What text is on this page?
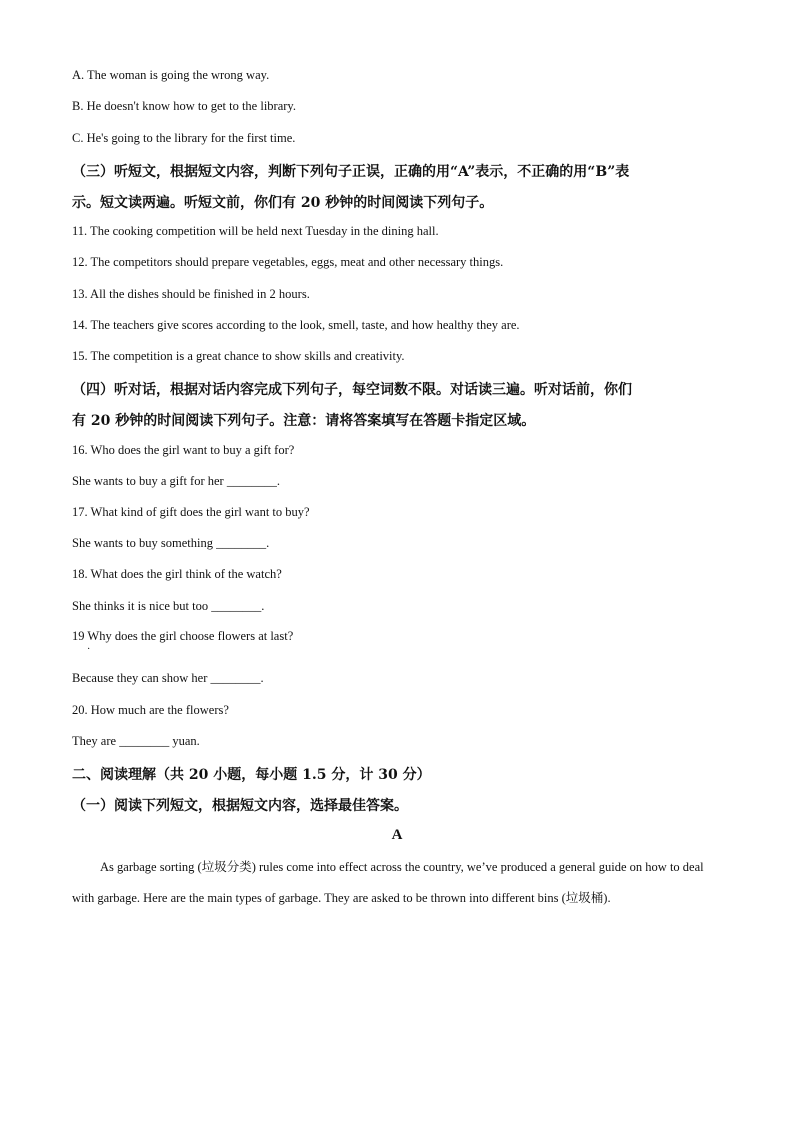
A. The woman is going the wrong way.
B. He doesn't know how to get to the library.
C. He's going to the library for the first time.
（三）听短文，根据短文内容，判断下列句子正误，正确的用“A”表示，不正确的用“B”表
示。短文读两遍。听短文前，你们有 20 秒钟的时间阅读下列句子。
11. The cooking competition will be held next Tuesday in the dining hall.
12. The competitors should prepare vegetables, eggs, meat and other necessary things.
13. All the dishes should be finished in 2 hours.
14. The teachers give scores according to the look, smell, taste, and how healthy they are.
15. The competition is a great chance to show skills and creativity.
（四）听对话，根据对话内容完成下列句子，每空词数不限。对话读三遍。听对话前，你们
有 20 秒钟的时间阅读下列句子。注意：请将答案填写在答题卡指定区域。
16. Who does the girl want to buy a gift for?
She wants to buy a gift for her ________.
17. What kind of gift does the girl want to buy?
She wants to buy something ________.
18. What does the girl think of the watch?
She thinks it is nice but too ________.
19 Why does the girl choose flowers at last?
·
Because they can show her ________.
20. How much are the flowers?
They are ________ yuan.
二、阅读理解（共 20 小题，每小题 1.5 分，计 30 分）
（一）阅读下列短文，根据短文内容，选择最佳答案。
A

As garbage sorting (垃圾分类) rules come into effect across the country, we’ve produced a general guide on how to deal with garbage. Here are the main types of garbage. They are asked to be thrown into different bins (垃圾桶).
